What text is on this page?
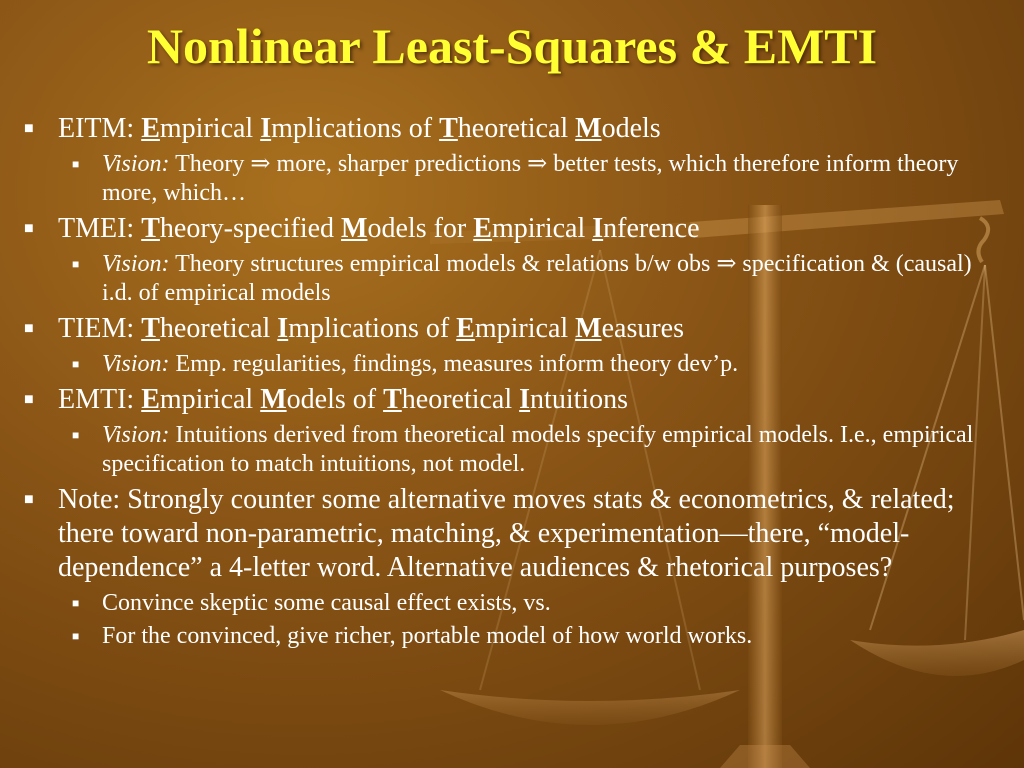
Nonlinear Least-Squares & EMTI
■ EITM: Empirical Implications of Theoretical Models
■ Vision: Theory ⇒ more, sharper predictions ⇒ better tests, which therefore inform theory more, which…
■ TMEI: Theory-specified Models for Empirical Inference
■ Vision: Theory structures empirical models & relations b/w obs ⇒ specification & (causal) i.d. of empirical models
■ TIEM: Theoretical Implications of Empirical Measures
■ Vision: Emp. regularities, findings, measures inform theory dev’p.
■ EMTI: Empirical Models of Theoretical Intuitions
■ Vision: Intuitions derived from theoretical models specify empirical models. I.e., empirical specification to match intuitions, not model.
■ Note: Strongly counter some alternative moves stats & econometrics, & related; there toward non-parametric, matching, & experimentation—there, “model-dependence” a 4-letter word. Alternative audiences & rhetorical purposes?
■ Convince skeptic some causal effect exists, vs.
■ For the convinced, give richer, portable model of how world works.
